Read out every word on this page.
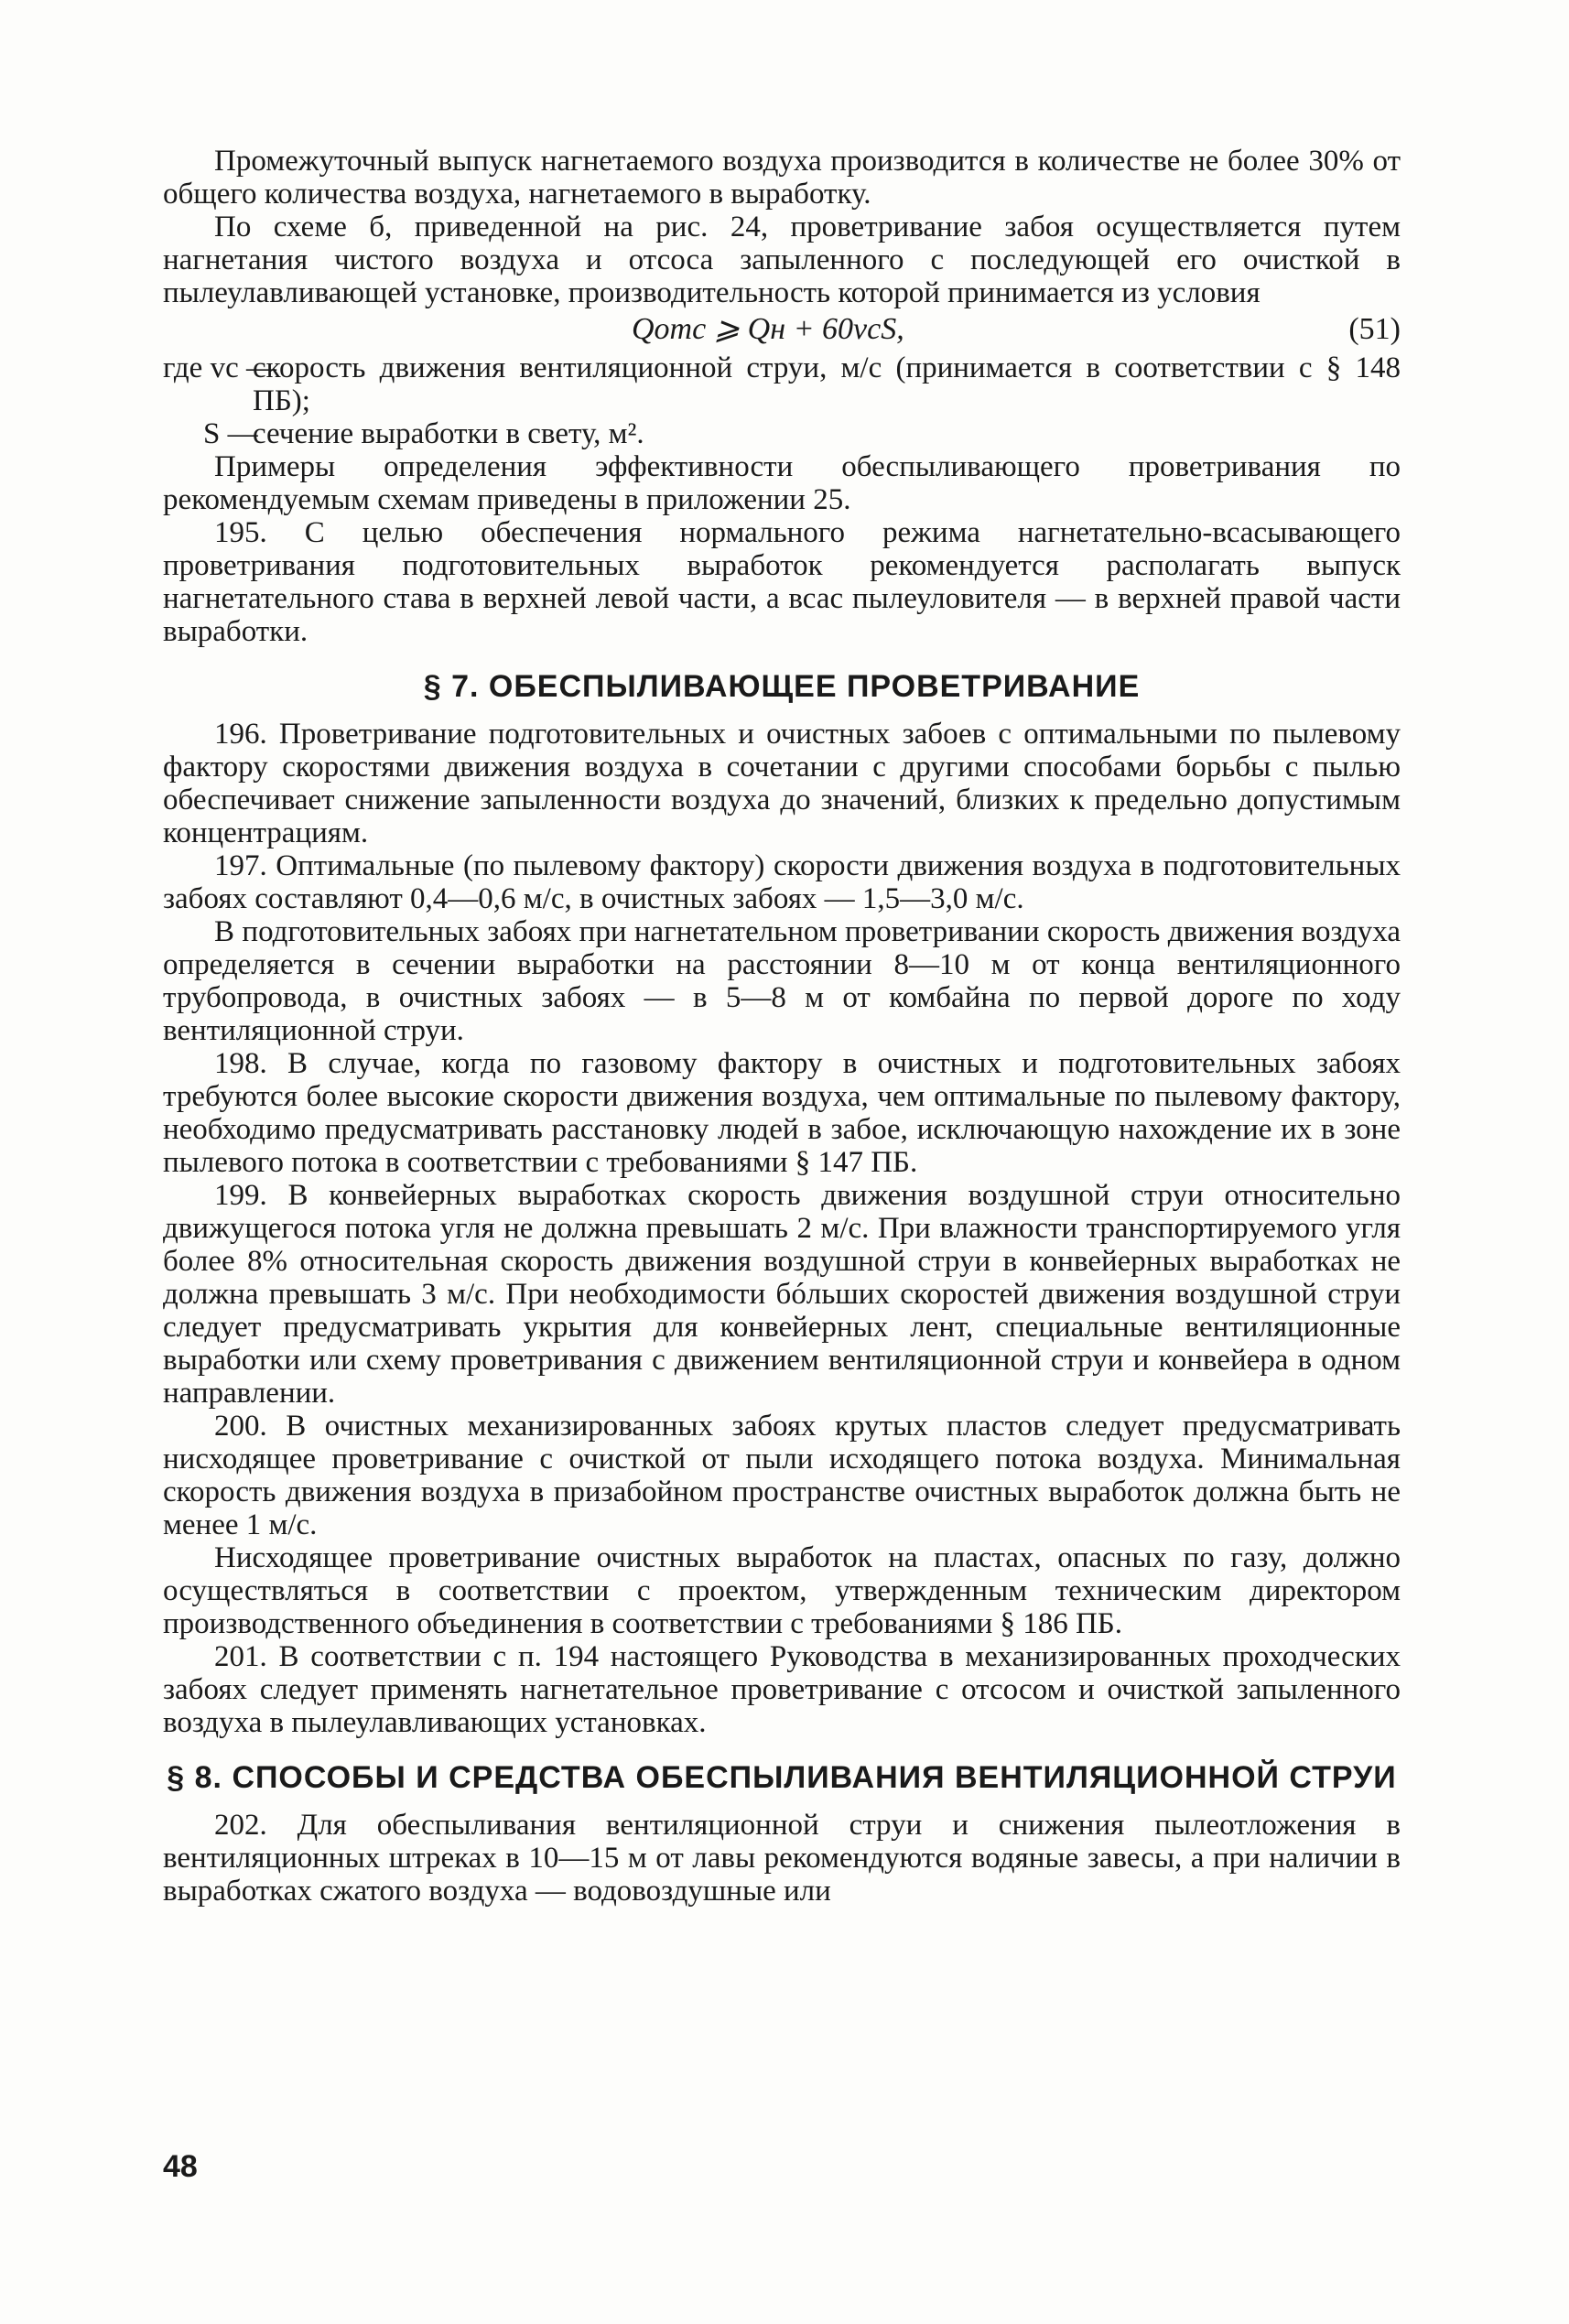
Промежуточный выпуск нагнетаемого воздуха производится в количестве не более 30% от общего количества воздуха, нагнетаемого в выработку.

По схеме б, приведенной на рис. 24, проветривание забоя осуществляется путем нагнетания чистого воздуха и отсоса запыленного с последующей его очисткой в пылеулавливающей установке, производительность которой принимается из условия

Qотс ⩾ Qн + 60vcS,	(51)
где vc —
скорость движения вентиляционной струи, м/с (принимается в соответствии с § 148 ПБ);
S —
сечение выработки в свету, м².

Примеры определения эффективности обеспыливающего проветривания по рекомендуемым схемам приведены в приложении 25.

195. С целью обеспечения нормального режима нагнетательно-всасывающего проветривания подготовительных выработок рекомендуется располагать выпуск нагнетательного става в верхней левой части, а всас пылеуловителя — в верхней правой части выработки.

§ 7. ОБЕСПЫЛИВАЮЩЕЕ ПРОВЕТРИВАНИЕ

196. Проветривание подготовительных и очистных забоев с оптимальными по пылевому фактору скоростями движения воздуха в сочетании с другими способами борьбы с пылью обеспечивает снижение запыленности воздуха до значений, близких к предельно допустимым концентрациям.

197. Оптимальные (по пылевому фактору) скорости движения воздуха в подготовительных забоях составляют 0,4—0,6 м/с, в очистных забоях — 1,5—3,0 м/с.

В подготовительных забоях при нагнетательном проветривании скорость движения воздуха определяется в сечении выработки на расстоянии 8—10 м от конца вентиляционного трубопровода, в очистных забоях — в 5—8 м от комбайна по первой дороге по ходу вентиляционной струи.

198. В случае, когда по газовому фактору в очистных и подготовительных забоях требуются более высокие скорости движения воздуха, чем оптимальные по пылевому фактору, необходимо предусматривать расстановку людей в забое, исключающую нахождение их в зоне пылевого потока в соответствии с требованиями § 147 ПБ.

199. В конвейерных выработках скорость движения воздушной струи относительно движущегося потока угля не должна превышать 2 м/с. При влажности транспортируемого угля более 8% относительная скорость движения воздушной струи в конвейерных выработках не должна превышать 3 м/с. При необходимости бóльших скоростей движения воздушной струи следует предусматривать укрытия для конвейерных лент, специальные вентиляционные выработки или схему проветривания с движением вентиляционной струи и конвейера в одном направлении.

200. В очистных механизированных забоях крутых пластов следует предусматривать нисходящее проветривание с очисткой от пыли исходящего потока воздуха. Минимальная скорость движения воздуха в призабойном пространстве очистных выработок должна быть не менее 1 м/с.

Нисходящее проветривание очистных выработок на пластах, опасных по газу, должно осуществляться в соответствии с проектом, утвержденным техническим директором производственного объединения в соответствии с требованиями § 186 ПБ.

201. В соответствии с п. 194 настоящего Руководства в механизированных проходческих забоях следует применять нагнетательное проветривание с отсосом и очисткой запыленного воздуха в пылеулавливающих установках.

§ 8. СПОСОБЫ И СРЕДСТВА ОБЕСПЫЛИВАНИЯ ВЕНТИЛЯЦИОННОЙ СТРУИ

202. Для обеспыливания вентиляционной струи и снижения пылеотложения в вентиляционных штреках в 10—15 м от лавы рекомендуются водяные завесы, а при наличии в выработках сжатого воздуха — водовоздушные или

48
